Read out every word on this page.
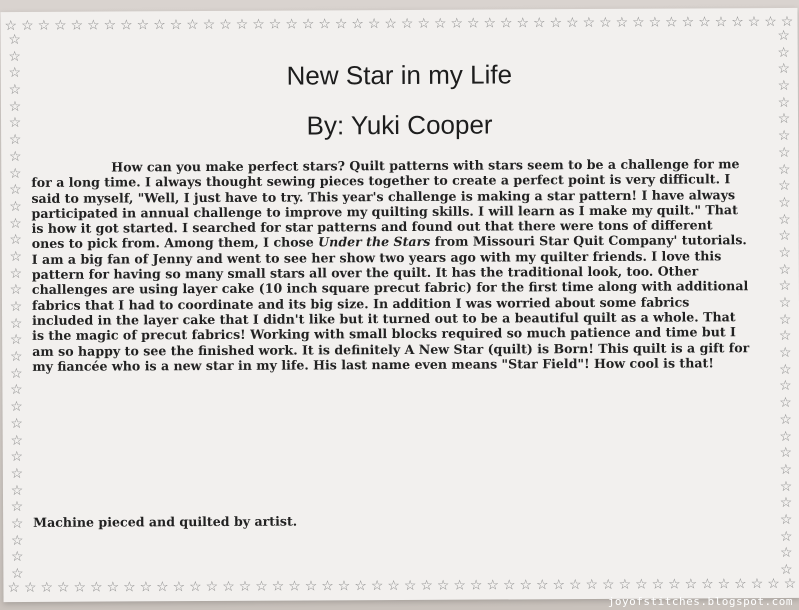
☆ ☆ ☆ ☆ ☆ ☆ ☆ ☆ ☆ ☆ ☆ ☆ ☆ ☆ ☆ ☆ ☆ ☆ ☆ ☆ ☆ ☆ ☆ ☆ ☆ ☆ ☆ ☆ ☆ ☆ ☆ ☆ ☆ ☆ ☆ ☆ ☆ ☆ ☆ ☆ ☆ ☆ ☆ ☆ ☆ ☆ ☆ ☆
☆ ☆ ☆ ☆ ☆ ☆ ☆ ☆ ☆ ☆ ☆ ☆ ☆ ☆ ☆ ☆ ☆ ☆ ☆ ☆ ☆ ☆ ☆ ☆ ☆ ☆ ☆ ☆ ☆ ☆ ☆ ☆ ☆ ☆ ☆ ☆ ☆ ☆ ☆ ☆ ☆ ☆ ☆ ☆ ☆ ☆ ☆ ☆
☆
☆
☆
☆
☆
☆
☆
☆
☆
☆
☆
☆
☆
☆
☆
☆
☆
☆
☆
☆
☆
☆
☆
☆
☆
☆
☆
☆
☆
☆
☆
☆
☆
☆
☆
☆
☆
☆
☆
☆
☆
☆
☆
☆
☆
☆
☆
☆
☆
☆
☆
☆
☆
☆
☆
☆
☆
☆
☆
☆
☆
☆
☆
☆
☆
☆
New Star in my Life
By: Yuki Cooper
How can you make perfect stars? Quilt patterns with stars seem to be a challenge for me for a long time. I always thought sewing pieces together to create a perfect point is very difficult. I said to myself, "Well, I just have to try. This year's challenge is making a star pattern! I have always participated in annual challenge to improve my quilting skills. I will learn as I make my quilt." That is how it got started. I searched for star patterns and found out that there were tons of different ones to pick from. Among them, I chose Under the Stars from Missouri Star Quit Company' tutorials. I am a big fan of Jenny and went to see her show two years ago with my quilter friends. I love this pattern for having so many small stars all over the quilt. It has the traditional look, too. Other challenges are using layer cake (10 inch square precut fabric) for the first time along with additional fabrics that I had to coordinate and its big size. In addition I was worried about some fabrics included in the layer cake that I didn't like but it turned out to be a beautiful quilt as a whole. That is the magic of precut fabrics! Working with small blocks required so much patience and time but I am so happy to see the finished work. It is definitely A New Star (quilt) is Born! This quilt is a gift for my fiancée who is a new star in my life. His last name even means "Star Field"! How cool is that!
Machine pieced and quilted by artist.
joyofstitches.blogspot.com
